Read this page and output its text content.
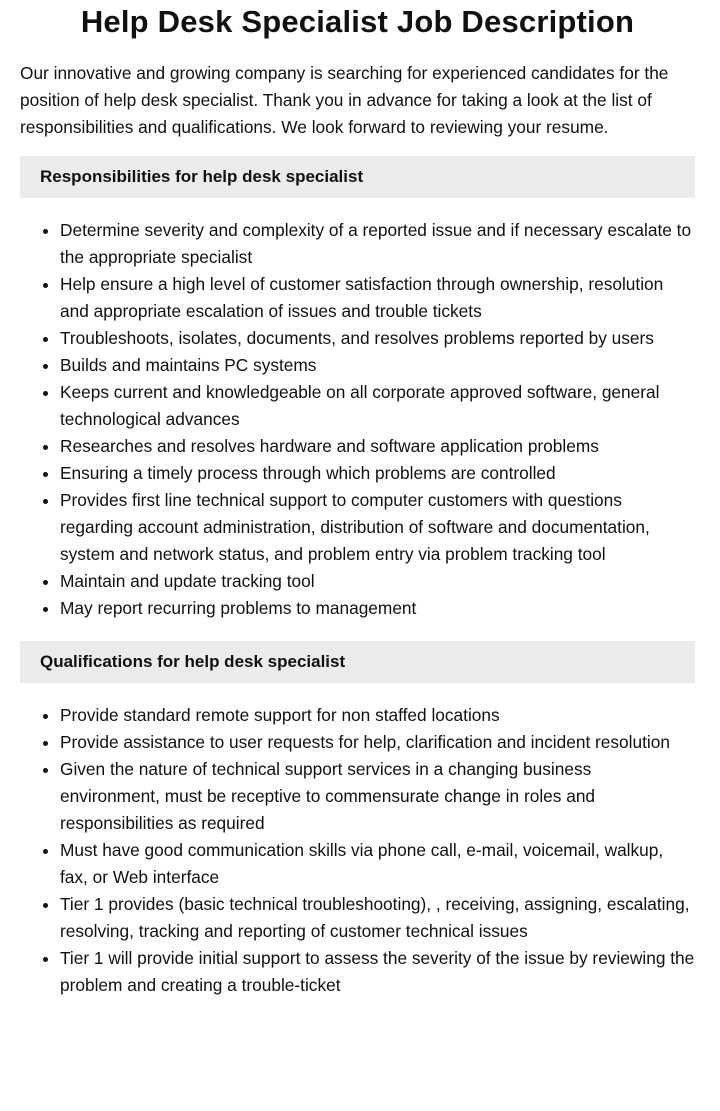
Help Desk Specialist Job Description

Our innovative and growing company is searching for experienced candidates for the position of help desk specialist. Thank you in advance for taking a look at the list of responsibilities and qualifications. We look forward to reviewing your resume.

Responsibilities for help desk specialist
• Determine severity and complexity of a reported issue and if necessary escalate to the appropriate specialist
• Help ensure a high level of customer satisfaction through ownership, resolution and appropriate escalation of issues and trouble tickets
• Troubleshoots, isolates, documents, and resolves problems reported by users
• Builds and maintains PC systems
• Keeps current and knowledgeable on all corporate approved software, general technological advances
• Researches and resolves hardware and software application problems
• Ensuring a timely process through which problems are controlled
• Provides first line technical support to computer customers with questions regarding account administration, distribution of software and documentation, system and network status, and problem entry via problem tracking tool
• Maintain and update tracking tool
• May report recurring problems to management
Qualifications for help desk specialist
• Provide standard remote support for non staffed locations
• Provide assistance to user requests for help, clarification and incident resolution
• Given the nature of technical support services in a changing business environment, must be receptive to commensurate change in roles and responsibilities as required
• Must have good communication skills via phone call, e-mail, voicemail, walkup, fax, or Web interface
• Tier 1 provides (basic technical troubleshooting), , receiving, assigning, escalating, resolving, tracking and reporting of customer technical issues
• Tier 1 will provide initial support to assess the severity of the issue by reviewing the problem and creating a trouble-ticket
